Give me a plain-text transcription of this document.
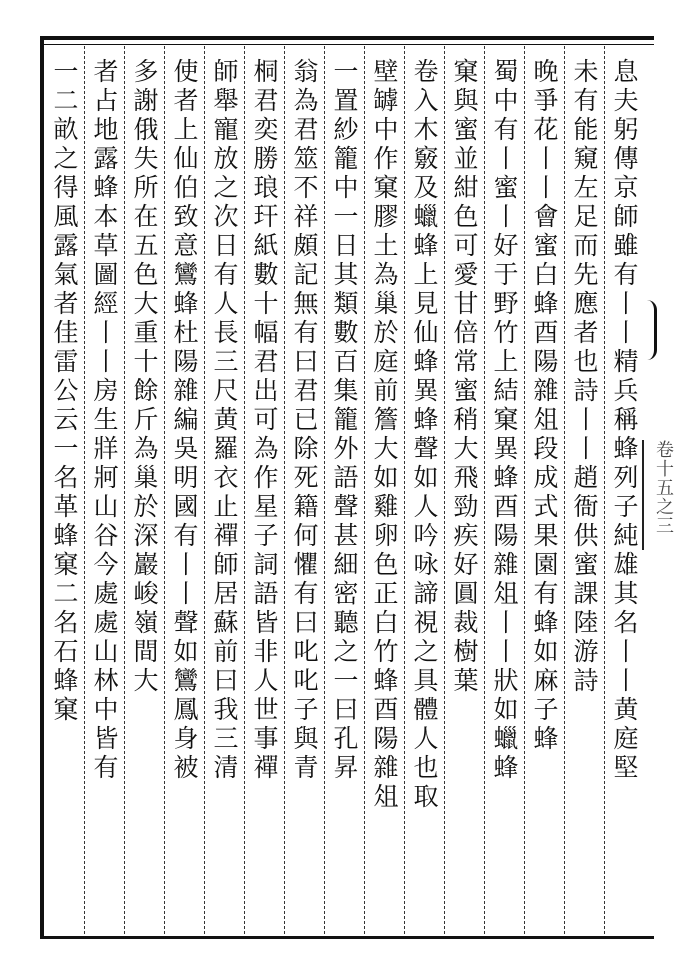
息夫躬傳京師雖有丨丨精兵稱蜂列子純雄其名丨丨黄庭堅
未有能窺左足而先應者也詩丨丨趙衙供蜜課陸游詩
晚爭花丨丨會蜜白蜂酉陽雜俎段成式果園有蜂如麻子蜂
蜀中有丨蜜丨好于野竹上結窠異蜂酉陽雜俎丨丨狀如蠟蜂
窠與蜜並紺色可愛甘倍常蜜稍大飛勁疾好圓裁樹葉
卷入木竅及蠟蜂上見仙蜂異蜂聲如人吟咏諦視之具體人也取
壁罅中作窠膠土為巢於庭前簷大如雞卵色正白竹蜂酉陽雜俎
一置紗籠中一日其類數百集籠外語聲甚細密聽之一曰孔昇
翁為君筮不祥頗記無有曰君已除死籍何懼有曰叱叱子與青
桐君奕勝琅玕紙數十幅君出可為作星子詞語皆非人世事禪
師舉寵放之次日有人長三尺黄羅衣止禪師居蘇前曰我三清
使者上仙伯致意鸞蜂杜陽雜編吳明國有丨丨聲如鸞鳳身被
多謝俄失所在五色大重十餘斤為巢於深巖峻嶺間大
者占地露蜂本草圖經丨丨房生牂牁山谷今處處山林中皆有
一二畝之得風露氣者佳雷公云一名革蜂窠二名石蜂窠	卷十五之三
